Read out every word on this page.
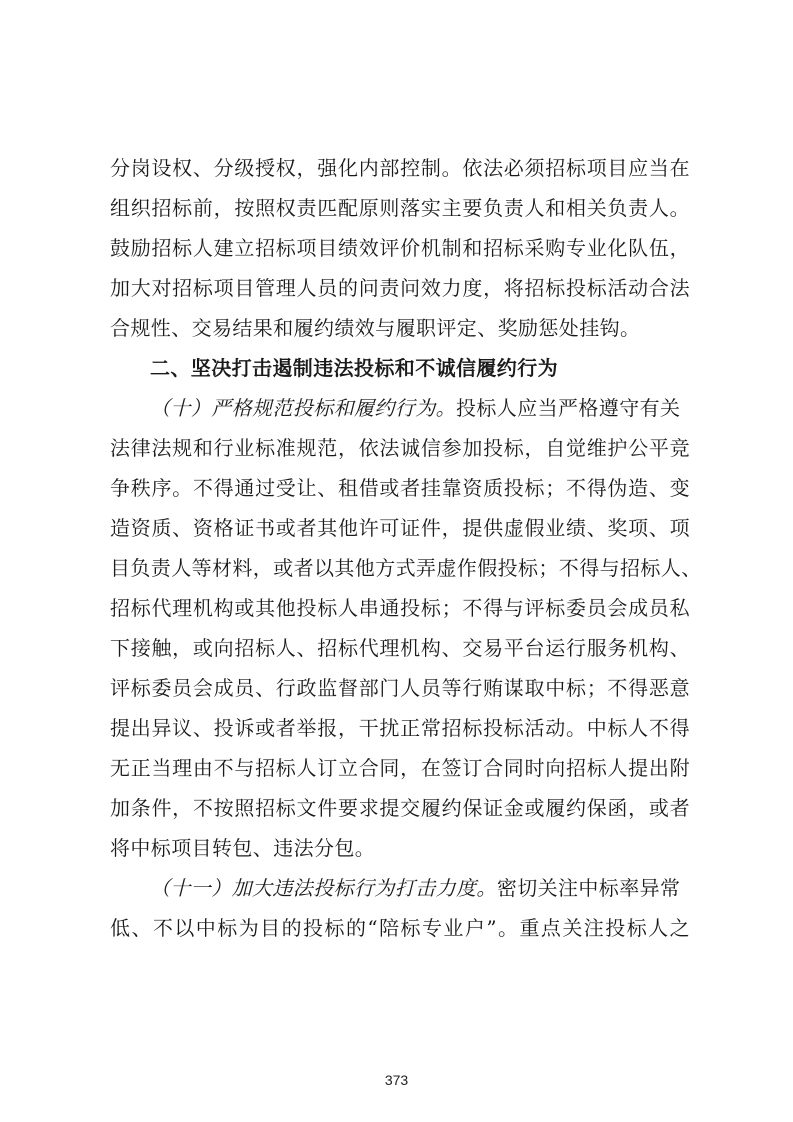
分岗设权、分级授权，强化内部控制。依法必须招标项目应当在
组织招标前，按照权责匹配原则落实主要负责人和相关负责人。
鼓励招标人建立招标项目绩效评价机制和招标采购专业化队伍，
加大对招标项目管理人员的问责问效力度，将招标投标活动合法
合规性、交易结果和履约绩效与履职评定、奖励惩处挂钩。
二、坚决打击遏制违法投标和不诚信履约行为
（十）严格规范投标和履约行为。投标人应当严格遵守有关
法律法规和行业标准规范，依法诚信参加投标，自觉维护公平竞
争秩序。不得通过受让、租借或者挂靠资质投标；不得伪造、变
造资质、资格证书或者其他许可证件，提供虚假业绩、奖项、项
目负责人等材料，或者以其他方式弄虚作假投标；不得与招标人、
招标代理机构或其他投标人串通投标；不得与评标委员会成员私
下接触，或向招标人、招标代理机构、交易平台运行服务机构、
评标委员会成员、行政监督部门人员等行贿谋取中标；不得恶意
提出异议、投诉或者举报，干扰正常招标投标活动。中标人不得
无正当理由不与招标人订立合同，在签订合同时向招标人提出附
加条件，不按照招标文件要求提交履约保证金或履约保函，或者
将中标项目转包、违法分包。
（十一）加大违法投标行为打击力度。密切关注中标率异常
低、不以中标为目的投标的“陪标专业户”。重点关注投标人之
373
